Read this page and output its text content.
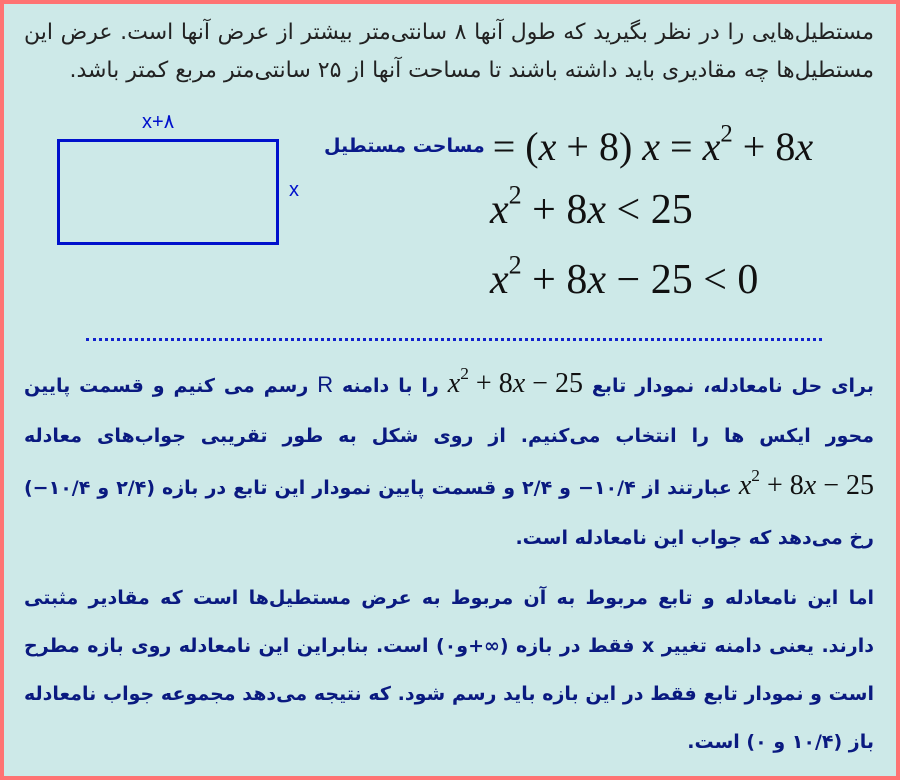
مستطیل‌هایی را در نظر بگیرید که طول آنها ۸ سانتی‌متر بیشتر از عرض آنها است. عرض این مستطیل‌ها چه مقادیری باید داشته باشند تا مساحت آنها از ۲۵ سانتی‌متر مربع کمتر باشد.

x+۸
x
مساحت مستطیل = (x + 8) $x = x^2 + 8x$
$x^2 + 8x < 25$
$x^2 + 8x - 25 < 0$

برای حل نامعادله، نمودار تابع $x^2 + 8x - 25$ را با دامنه R رسم می کنیم و قسمت پایین محور ایکس ها را انتخاب می‌کنیم. از روی شکل به طور تقریبی جواب‌های معادله $x^2 + 8x - 25$ عبارتند از ۱۰/۴− و ۲/۴ و قسمت پایین نمودار این تابع در بازه (۲/۴ و ۱۰/۴−) رخ می‌دهد که جواب این نامعادله است.

اما این نامعادله و تابع مربوط به آن مربوط به عرض مستطیل‌ها است که مقادیر مثبتی دارند. یعنی دامنه تغییر x فقط در بازه (∞+و۰) است. بنابراین این نامعادله روی بازه مطرح است و نمودار تابع فقط در این بازه باید رسم شود. که نتیجه می‌دهد مجموعه جواب نامعادله باز (۱۰/۴ و ۰) است.
